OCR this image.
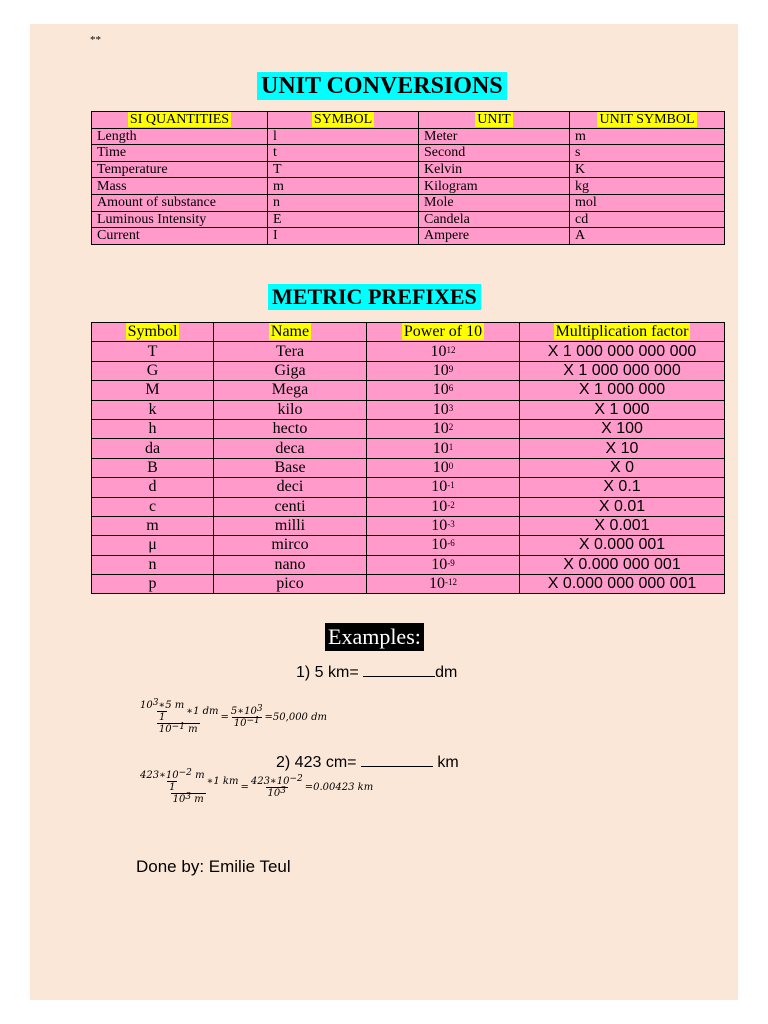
**
UNIT CONVERSIONS
SI QUANTITIES	SYMBOL	UNIT	UNIT SYMBOL
Length	l	Meter	m
Time	t	Second	s
Temperature	T	Kelvin	K
Mass	m	Kilogram	kg
Amount of substance	n	Mole	mol
Luminous Intensity	E	Candela	cd
Current	I	Ampere	A
METRIC PREFIXES
Symbol	Name	Power of 10	Multiplication factor
T	Tera	$10^{12}$	X 1 000 000 000 000
G	Giga	$10^9$	X 1 000 000 000
M	Mega	$10^6$	X 1 000 000
k	kilo	$10^3$	X 1 000
h	hecto	$10^2$	X 100
da	deca	$10^1$	X 10
B	Base	$10^0$	X 0
d	deci	$10^{-1}$	X 0.1
c	centi	$10^{-2}$	X 0.01
m	milli	$10^{-3}$	X 0.001
μ	mirco	$10^{-6}$	X 0.000 001
n	nano	$10^{-9}$	X 0.000 000 001
p	pico	$10^{-12}$	X 0.000 000 000 001
Examples:
1) 5 km=	dm
$\frac{\frac{10^3∗5 m}{1} ∗1 dm}{10^{-1} m} = \frac{5∗10^3}{10^{-1}} =50,000$ dm
2) 423 cm=	km
$\frac{\frac{423∗10^{-2} m}{1} ∗1 km}{10^3 m} = \frac{423∗10^{-2}}{10^3} =0.00423$ km
Done by: Emilie Teul
